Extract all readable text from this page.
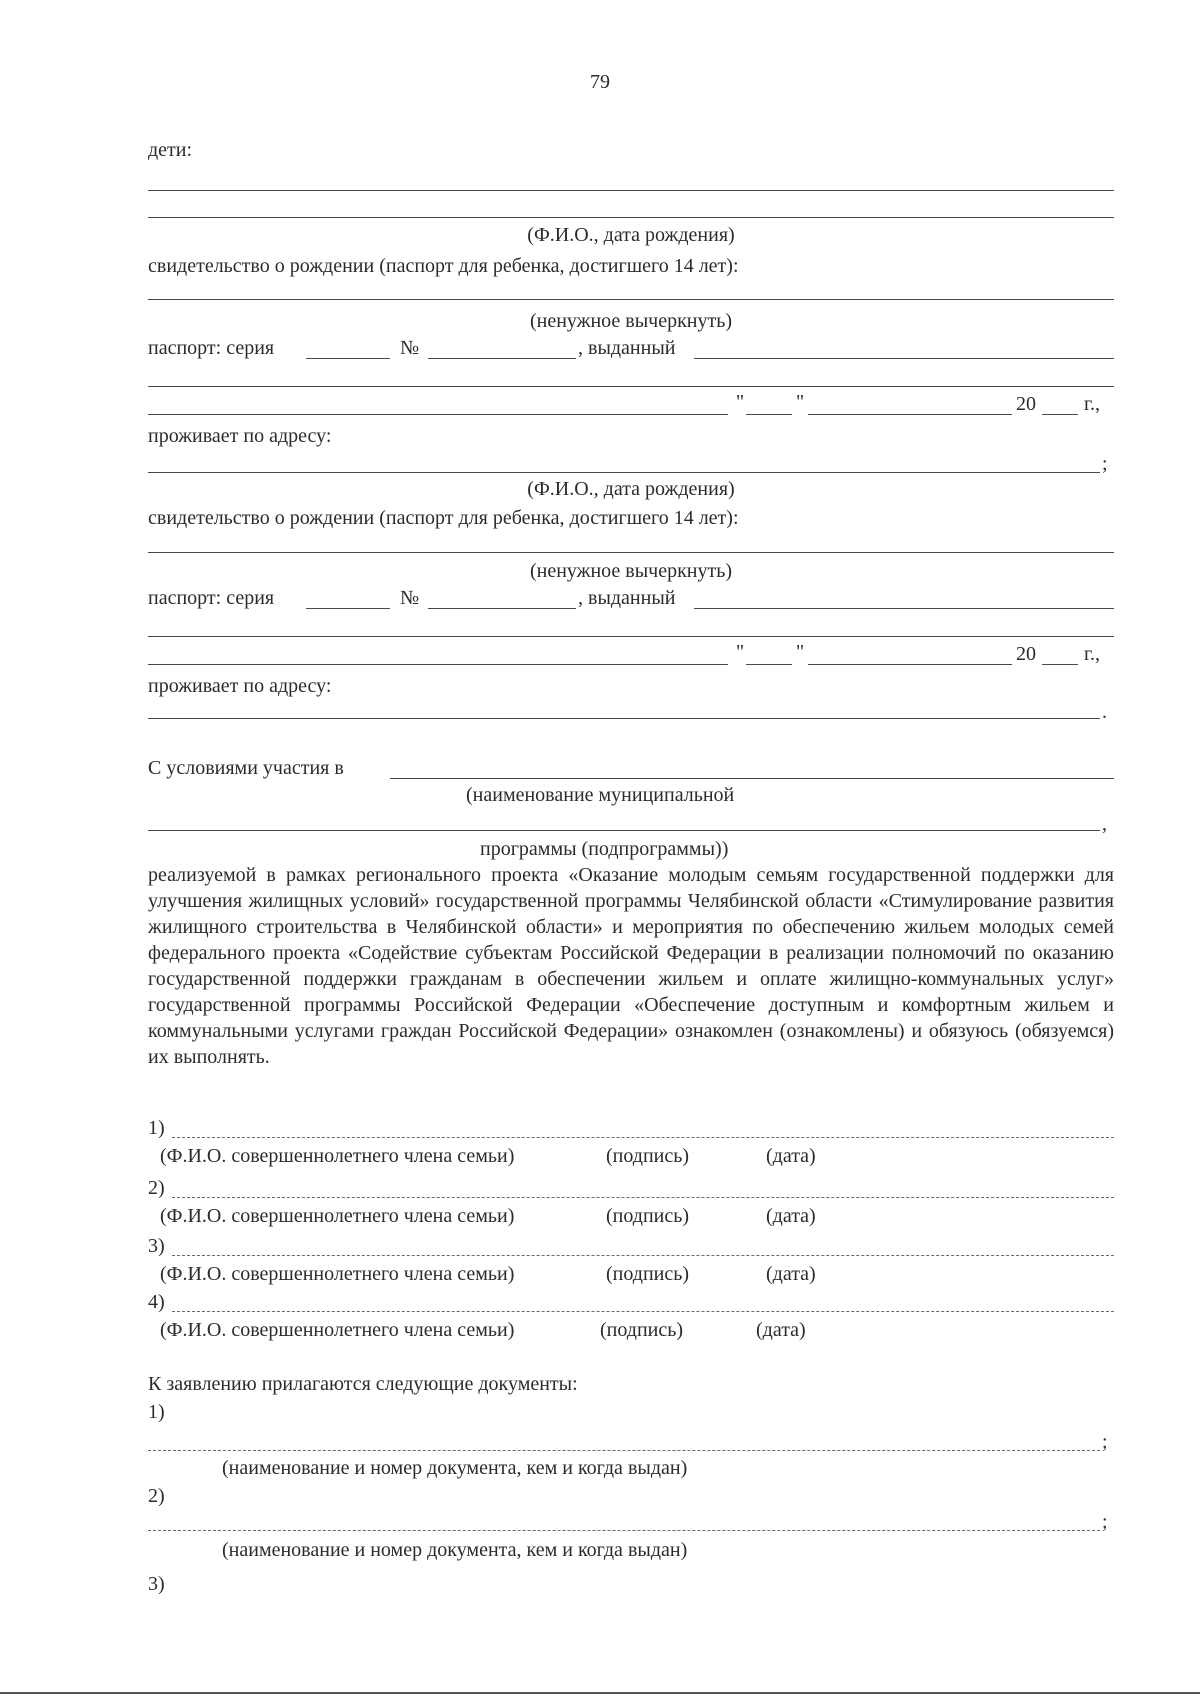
79
дети:
(Ф.И.О., дата рождения)
свидетельство о рождении (паспорт для ребенка, достигшего 14 лет):
(ненужное вычеркнуть)
паспорт: серия	№	, выданный
"	"	20 г.,
проживает по адресу:
;
(Ф.И.О., дата рождения)
свидетельство о рождении (паспорт для ребенка, достигшего 14 лет):
(ненужное вычеркнуть)
паспорт: серия	№	, выданный
"	"	20 г.,
проживает по адресу:
.
С условиями участия в
(наименование муниципальной
,
программы (подпрограммы))
реализуемой в рамках регионального проекта «Оказание молодым семьям государственной поддержки для улучшения жилищных условий» государственной программы Челябинской области «Стимулирование развития жилищного строительства в Челябинской области» и мероприятия по обеспечению жильем молодых семей федерального проекта «Содействие субъектам Российской Федерации в реализации полномочий по оказанию государственной поддержки гражданам в обеспечении жильем и оплате жилищно-коммунальных услуг» государственной программы Российской Федерации «Обеспечение доступным и комфортным жильем и коммунальными услугами граждан Российской Федерации» ознакомлен (ознакомлены) и обязуюсь (обязуемся) их выполнять.
1)
(Ф.И.О. совершеннолетнего члена семьи)	(подпись)	(дата)
2)
(Ф.И.О. совершеннолетнего члена семьи)	(подпись)	(дата)
3)
(Ф.И.О. совершеннолетнего члена семьи)	(подпись)	(дата)
4)
(Ф.И.О. совершеннолетнего члена семьи)	(подпись)	(дата)
К заявлению прилагаются следующие документы:
1)
;
(наименование и номер документа, кем и когда выдан)
2)
;
(наименование и номер документа, кем и когда выдан)
3)
